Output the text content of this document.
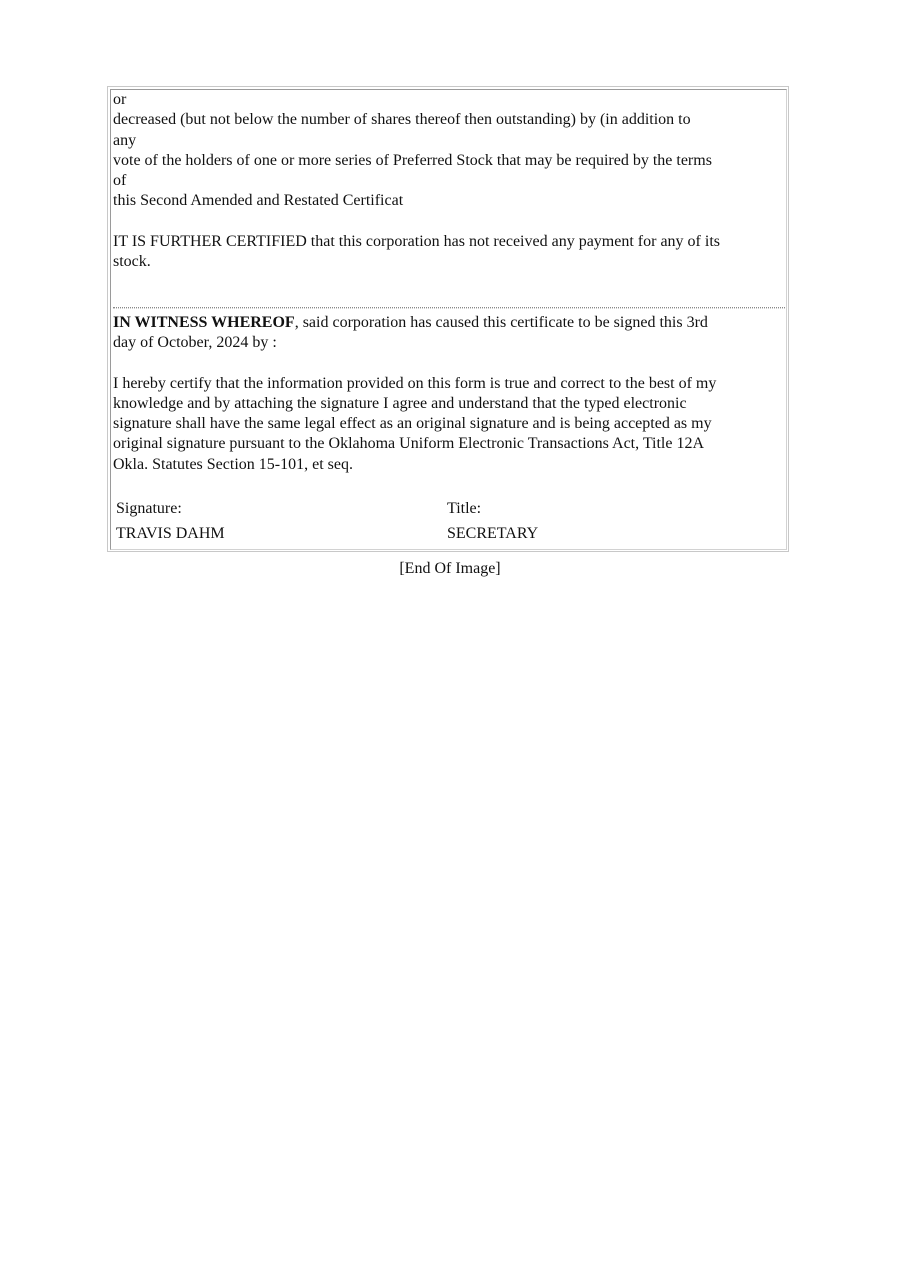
or
decreased (but not below the number of shares thereof then outstanding) by (in addition to
any
vote of the holders of one or more series of Preferred Stock that may be required by the terms
of
this Second Amended and Restated Certificat
IT IS FURTHER CERTIFIED that this corporation has not received any payment for any of its
stock.
IN WITNESS WHEREOF, said corporation has caused this certificate to be signed this 3rd
day of October, 2024 by :
I hereby certify that the information provided on this form is true and correct to the best of my
knowledge and by attaching the signature I agree and understand that the typed electronic
signature shall have the same legal effect as an original signature and is being accepted as my
original signature pursuant to the Oklahoma Uniform Electronic Transactions Act, Title 12A
Okla. Statutes Section 15-101, et seq.
Signature:	Title:
TRAVIS DAHM	SECRETARY
[End Of Image]
